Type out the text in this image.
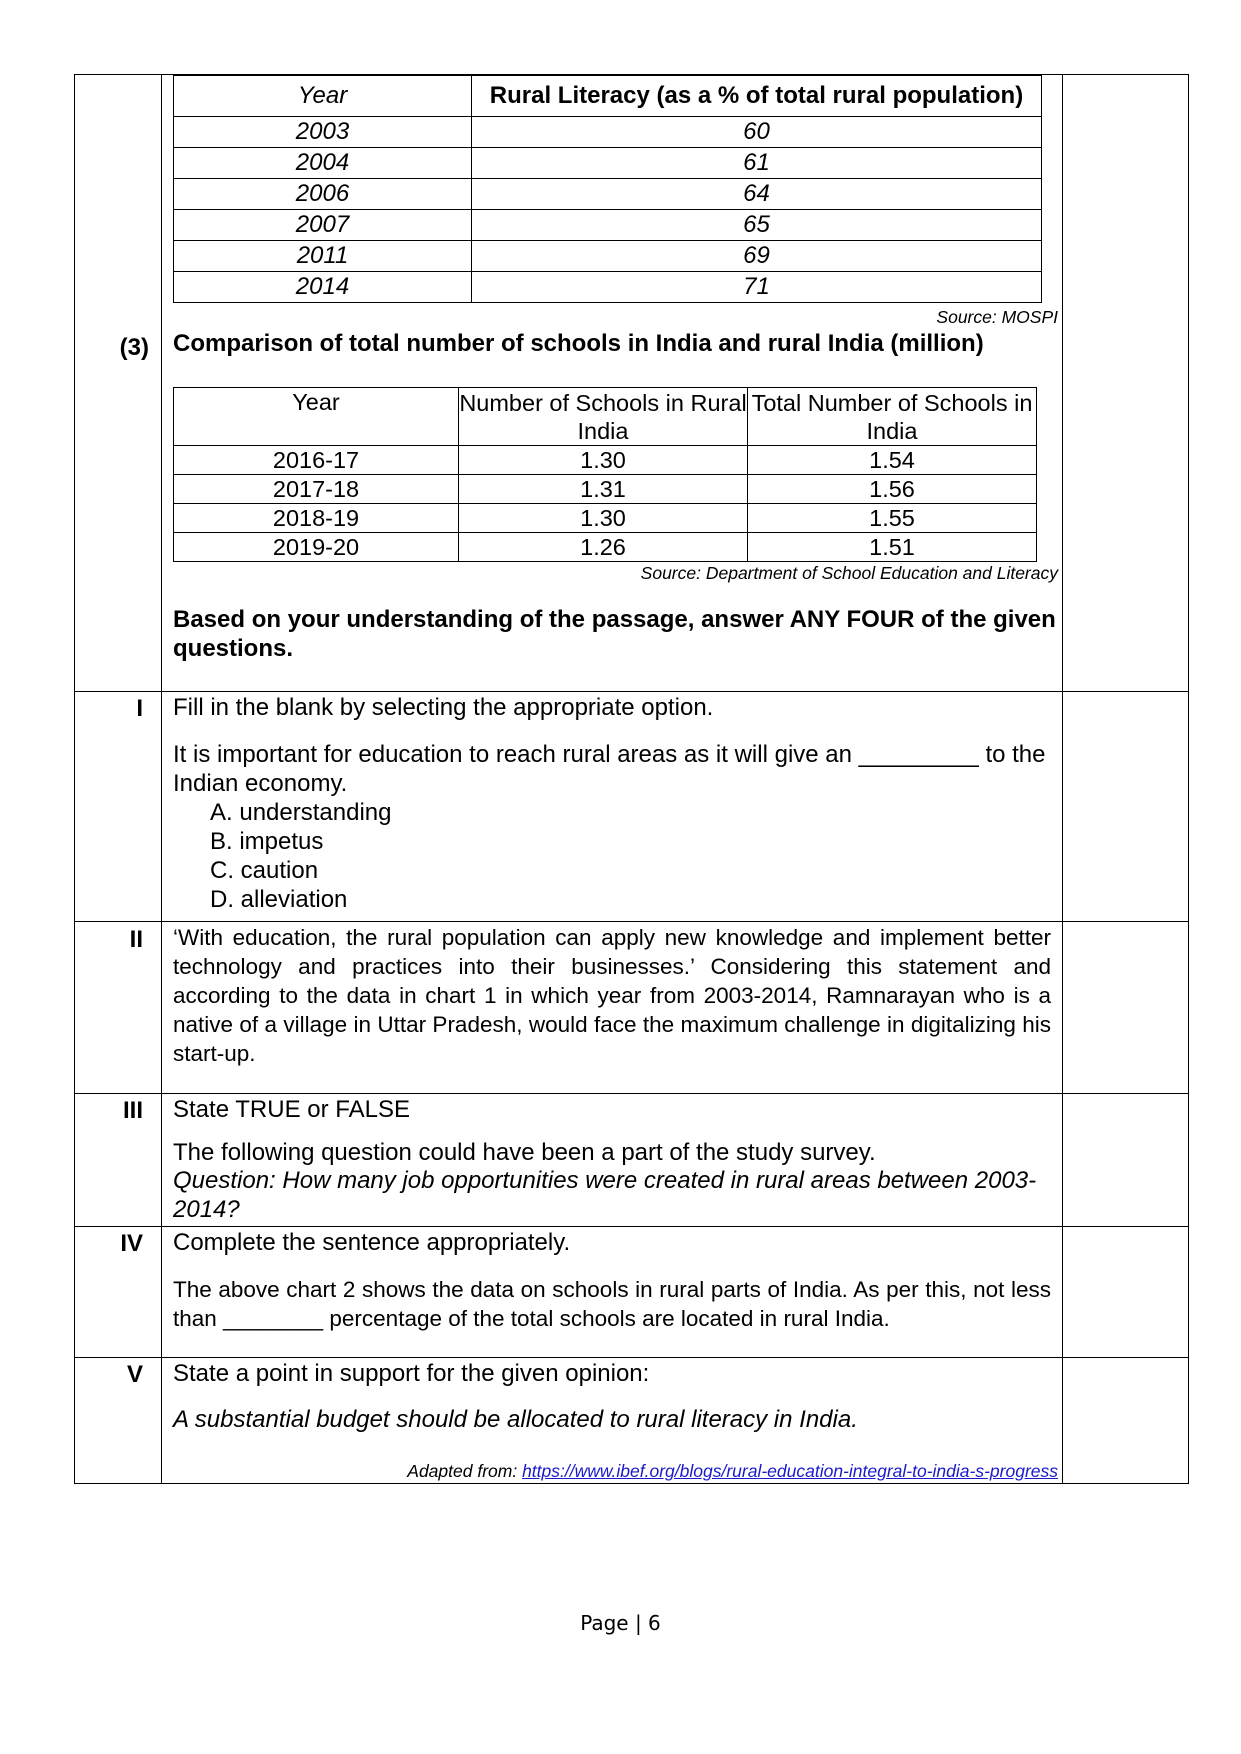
Year	Rural Literacy (as a % of total rural population)
2003	60
2004	61
2006	64
2007	65
2011	69
2014	71
Source: MOSPI
(3) Comparison of total number of schools in India and rural India (million)
Year	Number of Schools in Rural India	Total Number of Schools in India
2016-17	1.30	1.54
2017-18	1.31	1.56
2018-19	1.30	1.55
2019-20	1.26	1.51
Source: Department of School Education and Literacy
Based on your understanding of the passage, answer ANY FOUR of the given questions.
I Fill in the blank by selecting the appropriate option.
It is important for education to reach rural areas as it will give an _________ to the Indian economy.
A. understanding
B. impetus
C. caution
D. alleviation
II ‘With education, the rural population can apply new knowledge and implement better technology and practices into their businesses.’ Considering this statement and according to the data in chart 1 in which year from 2003-2014, Ramnarayan who is a native of a village in Uttar Pradesh, would face the maximum challenge in digitalizing his start-up.
III State TRUE or FALSE
The following question could have been a part of the study survey.
Question: How many job opportunities were created in rural areas between 2003-2014?
IV Complete the sentence appropriately.
The above chart 2 shows the data on schools in rural parts of India. As per this, not less than ________ percentage of the total schools are located in rural India.
V State a point in support for the given opinion:
A substantial budget should be allocated to rural literacy in India.
Adapted from: https://www.ibef.org/blogs/rural-education-integral-to-india-s-progress
Page | 6
